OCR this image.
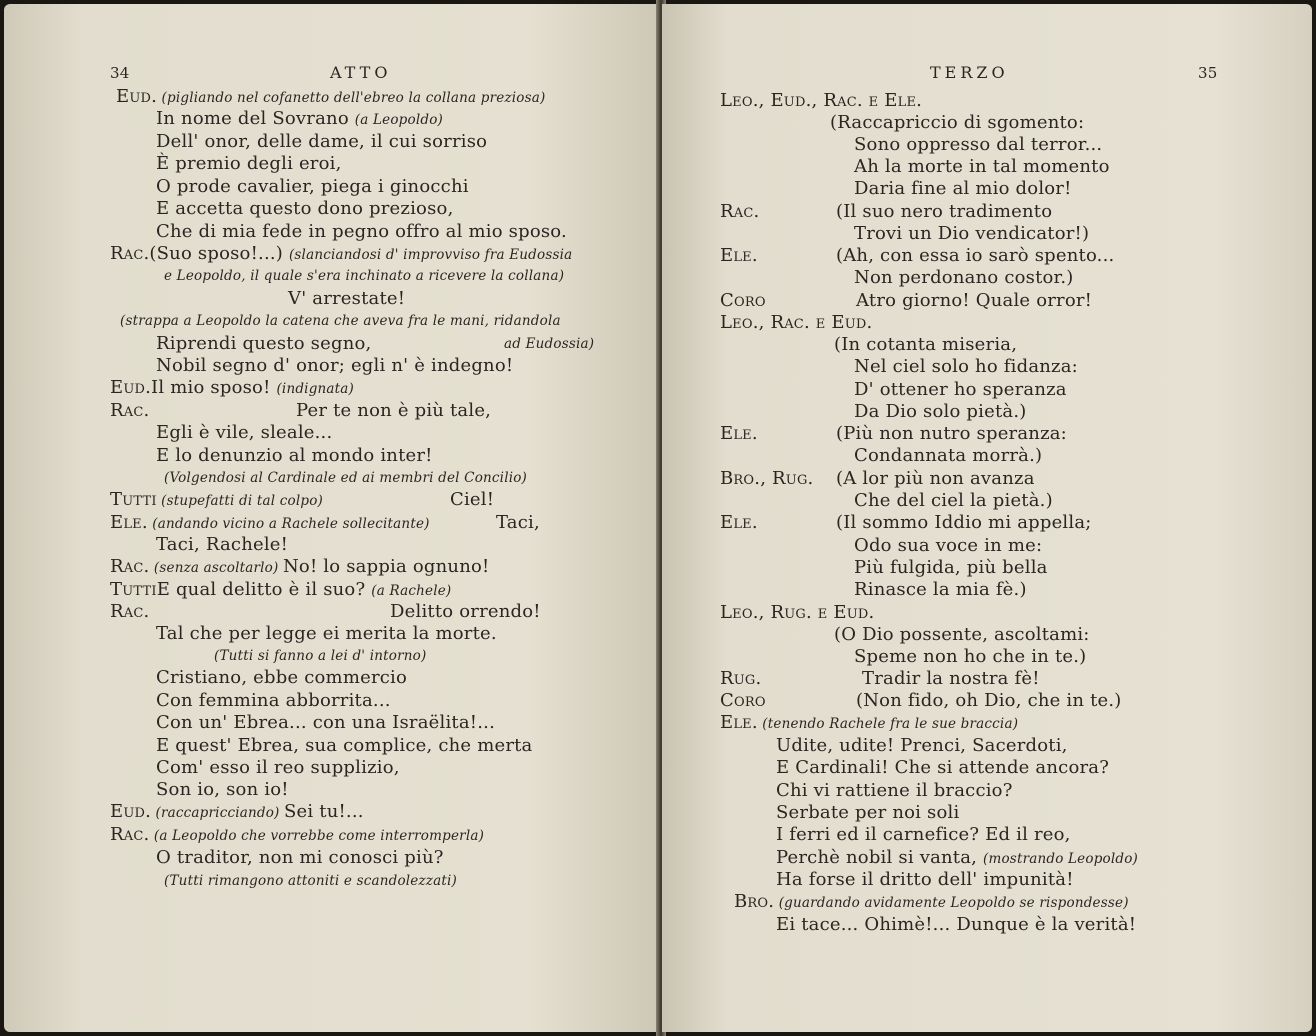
34	ATTO
Eud. (pigliando nel cofanetto dell'ebreo la collana preziosa)
In nome del Sovrano (a Leopoldo)
Dell' onor, delle dame, il cui sorriso
È premio degli eroi,
O prode cavalier, piega i ginocchi
E accetta questo dono prezioso,
Che di mia fede in pegno offro al mio sposo.
Rac.(Suo sposo!...) (slanciandosi d' improvviso fra Eudossia
e Leopoldo, il quale s'era inchinato a ricevere la collana)
V' arrestate!
(strappa a Leopoldo la catena che aveva fra le mani, ridandola
Riprendi questo segno,	ad Eudossia)
Nobil segno d' onor; egli n' è indegno!
Eud.Il mio sposo! (indignata)
Rac.	Per te non è più tale,
Egli è vile, sleale...
E lo denunzio al mondo inter!
(Volgendosi al Cardinale ed ai membri del Concilio)
Tutti (stupefatti di tal colpo)	Ciel!
Ele. (andando vicino a Rachele sollecitante)	Taci,
Taci, Rachele!
Rac. (senza ascoltarlo) No! lo sappia ognuno!
TuttiE qual delitto è il suo? (a Rachele)
Rac.	Delitto orrendo!
Tal che per legge ei merita la morte.
(Tutti si fanno a lei d' intorno)
Cristiano, ebbe commercio
Con femmina abborrita...
Con un' Ebrea... con una Israëlita!...
E quest' Ebrea, sua complice, che merta
Com' esso il reo supplizio,
Son io, son io!
Eud. (raccapricciando) Sei tu!...
Rac. (a Leopoldo che vorrebbe come interromperla)
O traditor, non mi conosci più?
(Tutti rimangono attoniti e scandolezzati)
TERZO	35
Leo., Eud., Rac. e Ele.
(Raccapriccio di sgomento:
Sono oppresso dal terror...
Ah la morte in tal momento
Daria fine al mio dolor!
Rac.	(Il suo nero tradimento
Trovi un Dio vendicator!)
Ele.	(Ah, con essa io sarò spento...
Non perdonano costor.)
Coro	Atro giorno! Quale orror!
Leo., Rac. e Eud.
(In cotanta miseria,
Nel ciel solo ho fidanza:
D' ottener ho speranza
Da Dio solo pietà.)
Ele.	(Più non nutro speranza:
Condannata morrà.)
Bro., Rug. (A lor più non avanza
Che del ciel la pietà.)
Ele.	(Il sommo Iddio mi appella;
Odo sua voce in me:
Più fulgida, più bella
Rinasce la mia fè.)
Leo., Rug. e Eud.
(O Dio possente, ascoltami:
Speme non ho che in te.)
Rug.	Tradir la nostra fè!
Coro	(Non fido, oh Dio, che in te.)
Ele. (tenendo Rachele fra le sue braccia)
Udite, udite! Prenci, Sacerdoti,
E Cardinali! Che si attende ancora?
Chi vi rattiene il braccio?
Serbate per noi soli
I ferri ed il carnefice? Ed il reo,
Perchè nobil si vanta, (mostrando Leopoldo)
Ha forse il dritto dell' impunità!
Bro. (guardando avidamente Leopoldo se rispondesse)
Ei tace... Ohimè!... Dunque è la verità!
